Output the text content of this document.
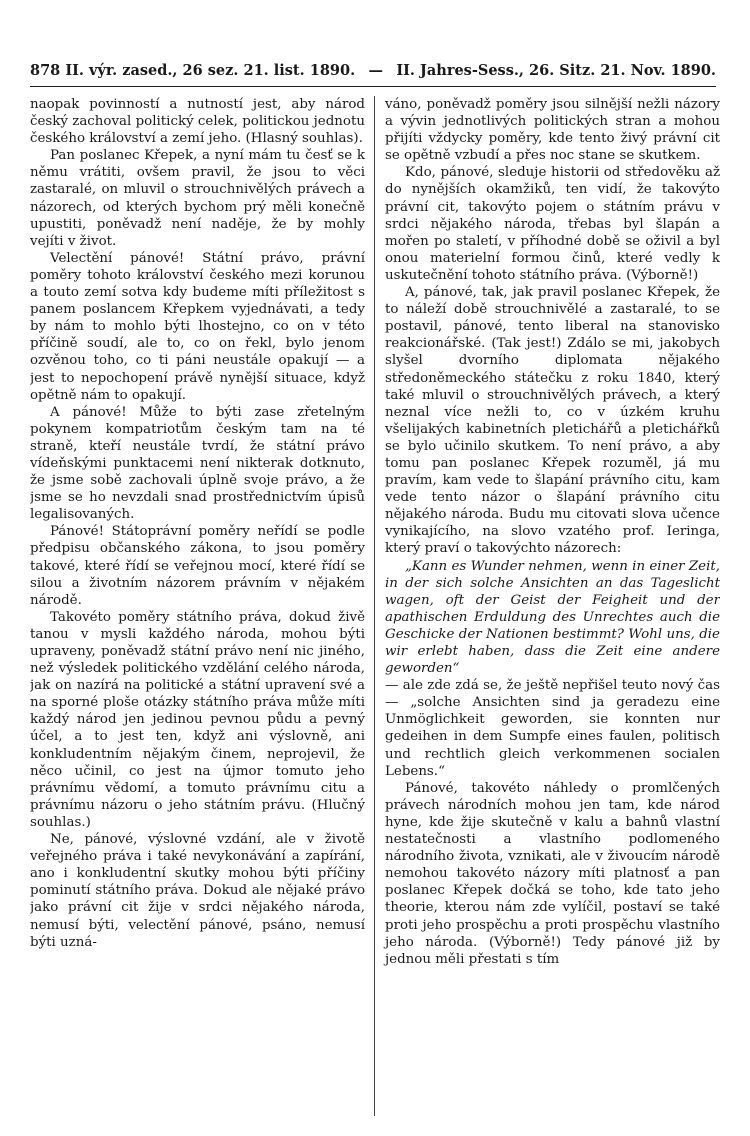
878 II. výr. zased., 26 sez. 21. list. 1890. — II. Jahres-Sess., 26. Sitz. 21. Nov. 1890.

naopak povinností a nutností jest, aby národ český zachoval politický celek, politickou jednotu českého království a zemí jeho. (Hlasný souhlas).

Pan poslanec Křepek, a nyní mám tu česť se k němu vrátiti, ovšem pravil, že jsou to věci zastaralé, on mluvil o strouchnivělých právech a názorech, od kterých bychom prý měli konečně upustiti, poněvadž není naděje, že by mohly vejíti v život.

Velectění pánové! Státní právo, právní poměry tohoto království českého mezi korunou a touto zemí sotva kdy budeme míti příležitost s panem poslancem Křepkem vyjednávati, a tedy by nám to mohlo býti lhostejno, co on v této příčině soudí, ale to, co on řekl, bylo jenom ozvěnou toho, co ti páni neustále opakují — a jest to nepochopení právě nynější situace, když opětně nám to opakují.

A pánové! Může to býti zase zřetelným pokynem kompatriotům českým tam na té straně, kteří neustále tvrdí, že státní právo vídeňskými punktacemi není nikterak dotknuto, že jsme sobě zachovali úplně svoje právo, a že jsme se ho nevzdali snad prostřednictvím úpisů legalisovaných.

Pánové! Státoprávní poměry neřídí se podle předpisu občanského zákona, to jsou poměry takové, které řídí se veřejnou mocí, které řídí se silou a životním názorem právním v nějakém národě.

Takovéto poměry státního práva, dokud živě tanou v mysli každého národa, mohou býti upraveny, poněvadž státní právo není nic jiného, než výsledek politického vzdělání celého národa, jak on nazírá na politické a státní upravení své a na sporné ploše otázky státního práva může míti každý národ jen jedinou pevnou půdu a pevný účel, a to jest ten, když ani výslovně, ani konkludentním nějakým činem, neprojevil, že něco učinil, co jest na újmor tomuto jeho právnímu vědomí, a tomuto právnímu citu a právnímu názoru o jeho státním právu. (Hlučný souhlas.)

Ne, pánové, výslovné vzdání, ale v životě veřejného práva i také nevykonávání a zapírání, ano i konkludentní skutky mohou býti příčiny pominutí státního práva. Dokud ale nějaké právo jako právní cit žije v srdci nějakého národa, nemusí býti, velectění pánové, psáno, nemusí býti uzná-

váno, poněvadž poměry jsou silnější nežli názory a vývin jednotlivých politických stran a mohou přijíti vždycky poměry, kde tento živý právní cit se opětně vzbudí a přes noc stane se skutkem.

Kdo, pánové, sleduje historii od středověku až do nynějších okamžiků, ten vidí, že takovýto právní cit, takovýto pojem o státním právu v srdci nějakého národa, třebas byl šlapán a mořen po staletí, v příhodné době se oživil a byl onou materielní formou činů, které vedly k uskutečnění tohoto státního práva. (Výborně!)

A, pánové, tak, jak pravil poslanec Křepek, že to náleží době strouchnivělé a zastaralé, to se postavil, pánové, tento liberal na stanovisko reakcionářské. (Tak jest!) Zdálo se mi, jakobych slyšel dvorního diplomata nějakého středoněmeckého státečku z roku 1840, který také mluvil o strouchnivělých právech, a který neznal více nežli to, co v úzkém kruhu všelijakých kabinetních pletichářů a pletichářků se bylo učinilo skutkem. To není právo, a aby tomu pan poslanec Křepek rozuměl, já mu pravím, kam vede to šlapání právního citu, kam vede tento názor o šlapání právního citu nějakého národa. Budu mu citovati slova učence vynikajícího, na slovo vzatého prof. Ieringa, který praví o takovýchto názorech:

„Kann es Wunder nehmen, wenn in einer Zeit, in der sich solche Ansichten an das Tageslicht wagen, oft der Geist der Feigheit und der apathischen Erduldung des Unrechtes auch die Geschicke der Nationen bestimmt? Wohl uns, die wir erlebt haben, dass die Zeit eine andere geworden“

— ale zde zdá se, že ještě nepřišel teuto nový čas — „solche Ansichten sind ja geradezu eine Unmöglichkeit geworden, sie konnten nur gedeihen in dem Sumpfe eines faulen, politisch und rechtlich gleich verkommenen socialen Lebens.“

Pánové, takovéto náhledy o promlčených právech národních mohou jen tam, kde národ hyne, kde žije skutečně v kalu a bahnů vlastní nestatečnosti a vlastního podlomeného národního života, vznikati, ale v živoucím národě nemohou takovéto názory míti platnosť a pan poslanec Křepek dočká se toho, kde tato jeho theorie, kterou nám zde vylíčil, postaví se také proti jeho prospěchu a proti prospěchu vlastního jeho národa. (Výborně!) Tedy pánové již by jednou měli přestati s tím
